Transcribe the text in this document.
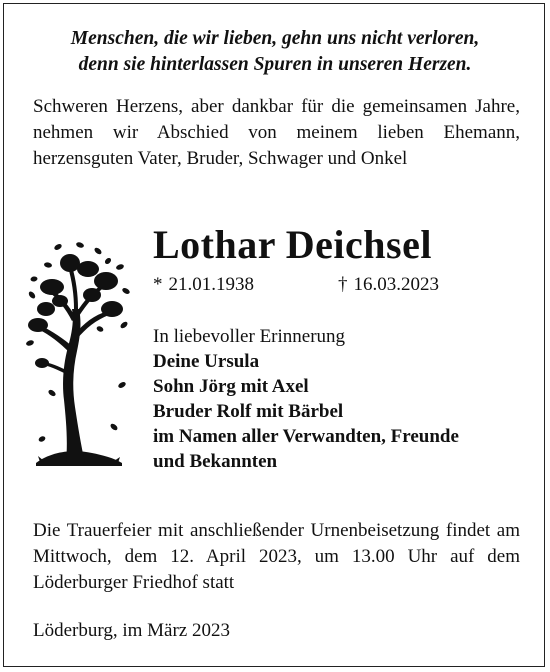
Menschen, die wir lieben, gehn uns nicht verloren,
denn sie hinterlassen Spuren in unseren Herzen.
Schweren Herzens, aber dankbar für die gemeinsamen Jahre, nehmen wir Abschied von meinem lieben Ehemann, herzensguten Vater, Bruder, Schwager und Onkel
Lothar Deichsel
* 21.01.1938	† 16.03.2023
In liebevoller Erinnerung
Deine Ursula
Sohn Jörg mit Axel
Bruder Rolf mit Bärbel
im Namen aller Verwandten, Freunde
und Bekannten
Die Trauerfeier mit anschließender Urnenbeisetzung findet am Mittwoch, dem 12. April 2023, um 13.00 Uhr auf dem Löderburger Friedhof statt
Löderburg, im März 2023
